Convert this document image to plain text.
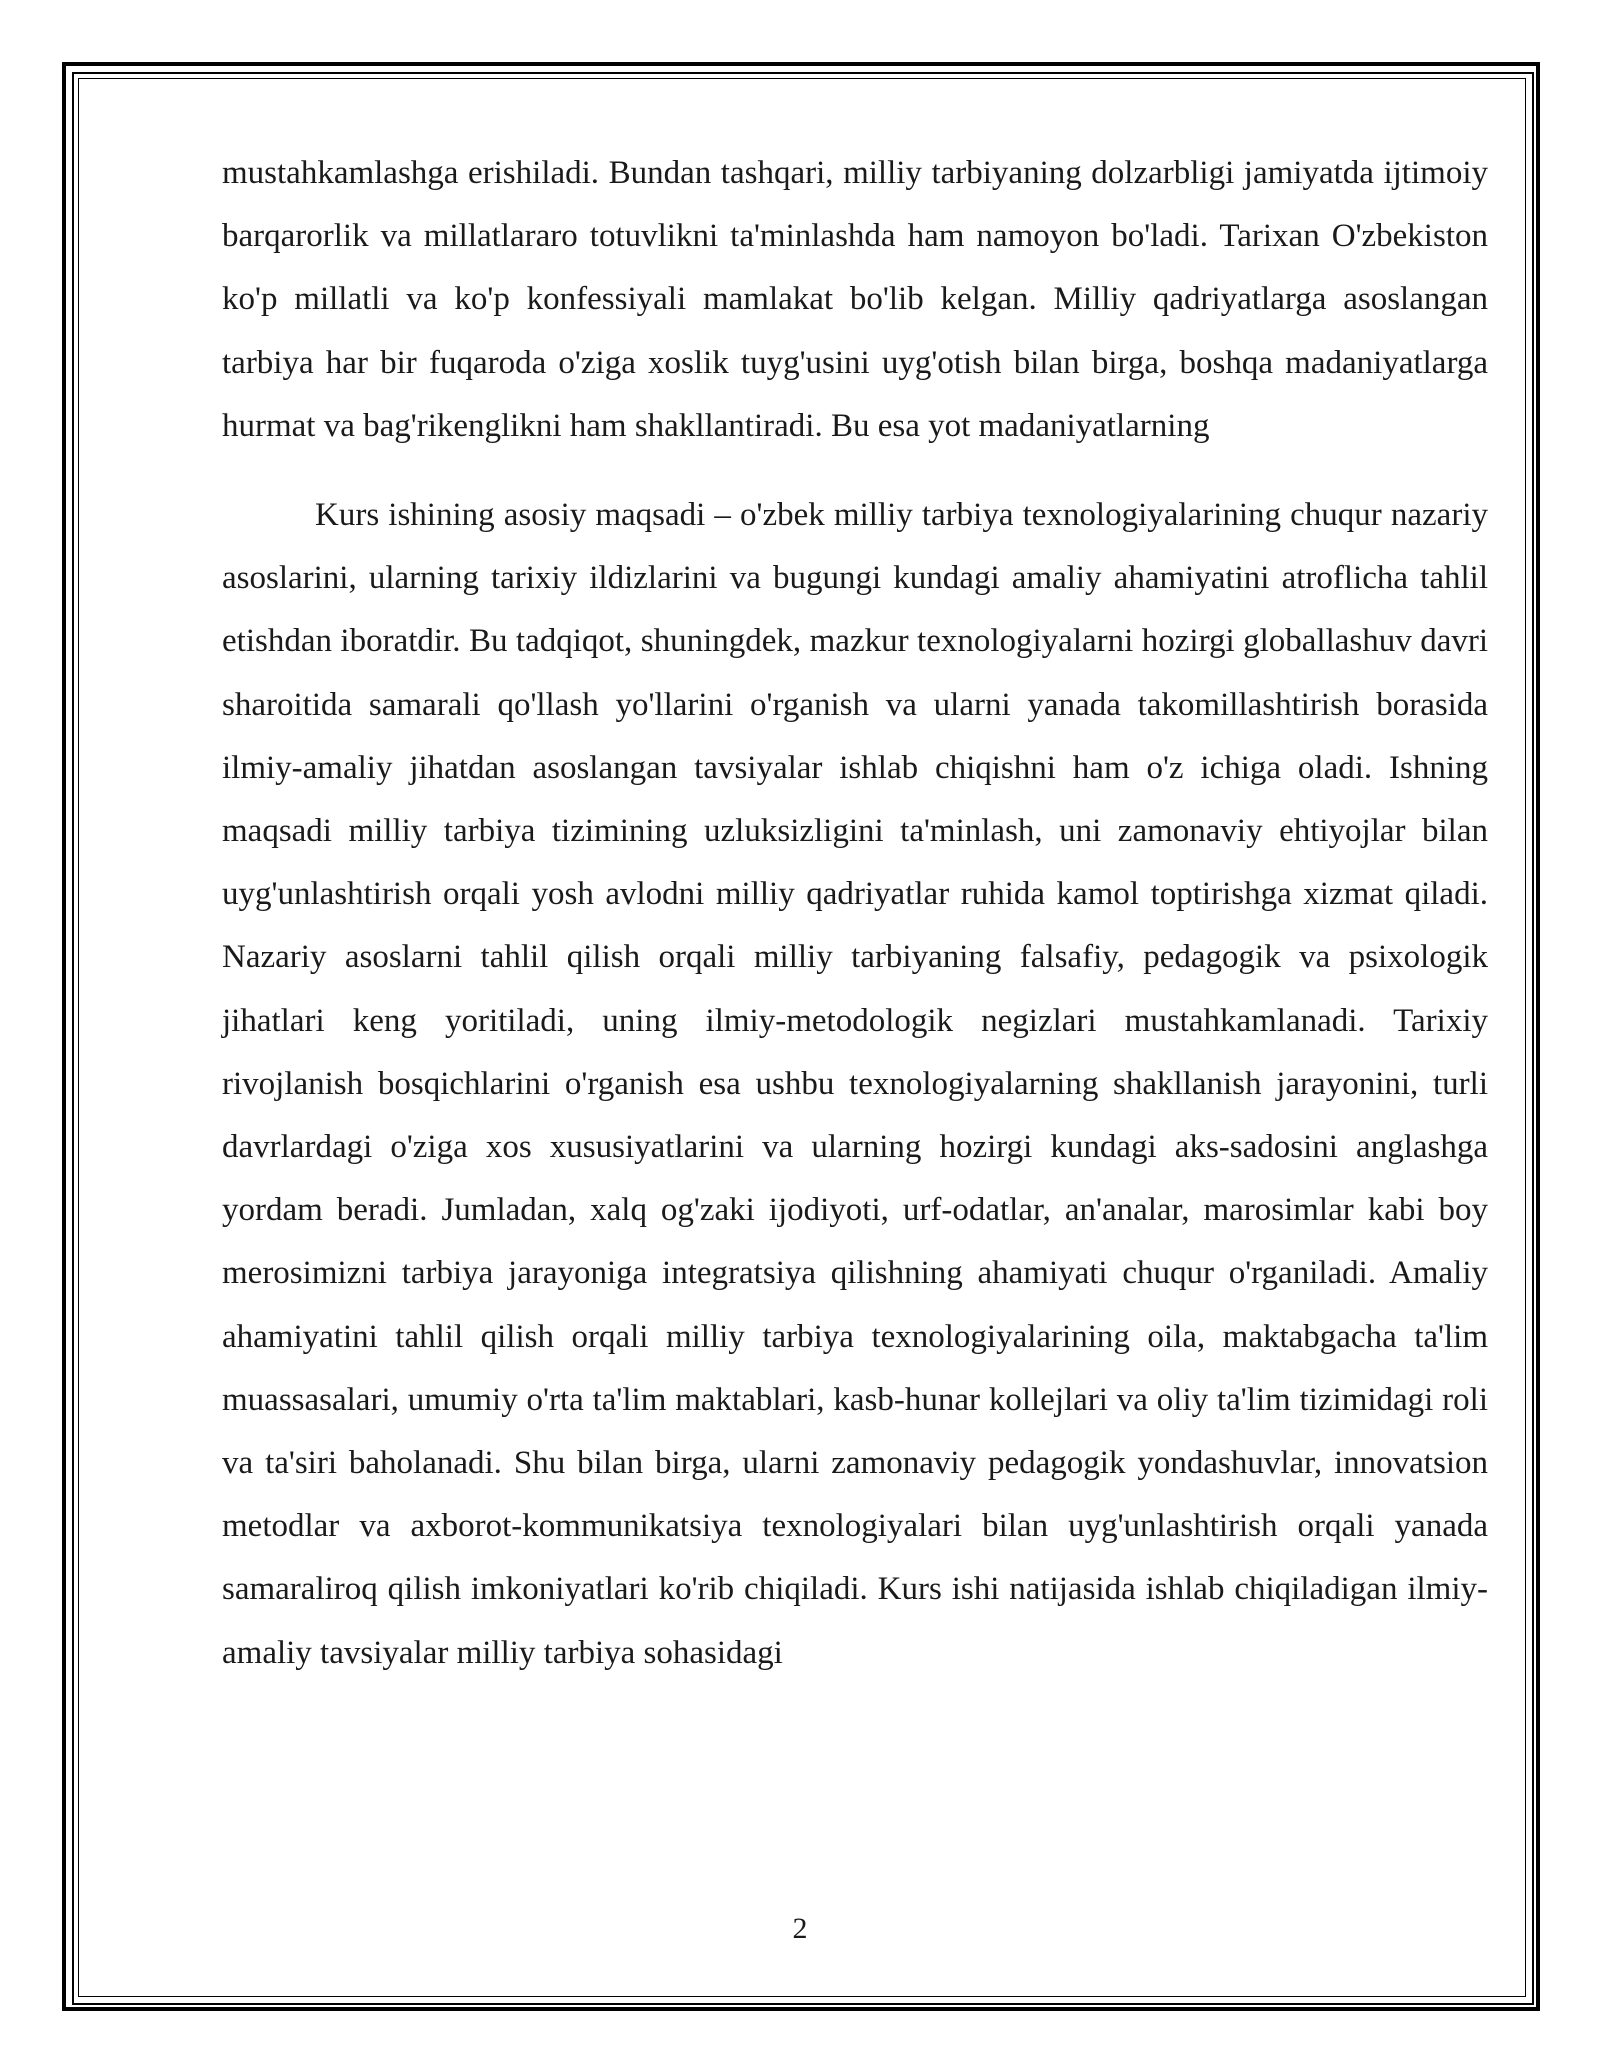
mustahkamlashga erishiladi. Bundan tashqari, milliy tarbiyaning dolzarbligi jamiyatda ijtimoiy barqarorlik va millatlararo totuvlikni ta'minlashda ham namoyon bo'ladi. Tarixan O'zbekiston ko'p millatli va ko'p konfessiyali mamlakat bo'lib kelgan. Milliy qadriyatlarga asoslangan tarbiya har bir fuqaroda o'ziga xoslik tuyg'usini uyg'otish bilan birga, boshqa madaniyatlarga hurmat va bag'rikenglikni ham shakllantiradi. Bu esa yot madaniyatlarning

Kurs ishining asosiy maqsadi – o'zbek milliy tarbiya texnologiyalarining chuqur nazariy asoslarini, ularning tarixiy ildizlarini va bugungi kundagi amaliy ahamiyatini atroflicha tahlil etishdan iboratdir. Bu tadqiqot, shuningdek, mazkur texnologiyalarni hozirgi globallashuv davri sharoitida samarali qo'llash yo'llarini o'rganish va ularni yanada takomillashtirish borasida ilmiy-amaliy jihatdan asoslangan tavsiyalar ishlab chiqishni ham o'z ichiga oladi. Ishning maqsadi milliy tarbiya tizimining uzluksizligini ta'minlash, uni zamonaviy ehtiyojlar bilan uyg'unlashtirish orqali yosh avlodni milliy qadriyatlar ruhida kamol toptirishga xizmat qiladi. Nazariy asoslarni tahlil qilish orqali milliy tarbiyaning falsafiy, pedagogik va psixologik jihatlari keng yoritiladi, uning ilmiy-metodologik negizlari mustahkamlanadi. Tarixiy rivojlanish bosqichlarini o'rganish esa ushbu texnologiyalarning shakllanish jarayonini, turli davrlardagi o'ziga xos xususiyatlarini va ularning hozirgi kundagi aks-sadosini anglashga yordam beradi. Jumladan, xalq og'zaki ijodiyoti, urf-odatlar, an'analar, marosimlar kabi boy merosimizni tarbiya jarayoniga integratsiya qilishning ahamiyati chuqur o'rganiladi. Amaliy ahamiyatini tahlil qilish orqali milliy tarbiya texnologiyalarining oila, maktabgacha ta'lim muassasalari, umumiy o'rta ta'lim maktablari, kasb-hunar kollejlari va oliy ta'lim tizimidagi roli va ta'siri baholanadi. Shu bilan birga, ularni zamonaviy pedagogik yondashuvlar, innovatsion metodlar va axborot-kommunikatsiya texnologiyalari bilan uyg'unlashtirish orqali yanada samaraliroq qilish imkoniyatlari ko'rib chiqiladi. Kurs ishi natijasida ishlab chiqiladigan ilmiy-amaliy tavsiyalar milliy tarbiya sohasidagi

2
